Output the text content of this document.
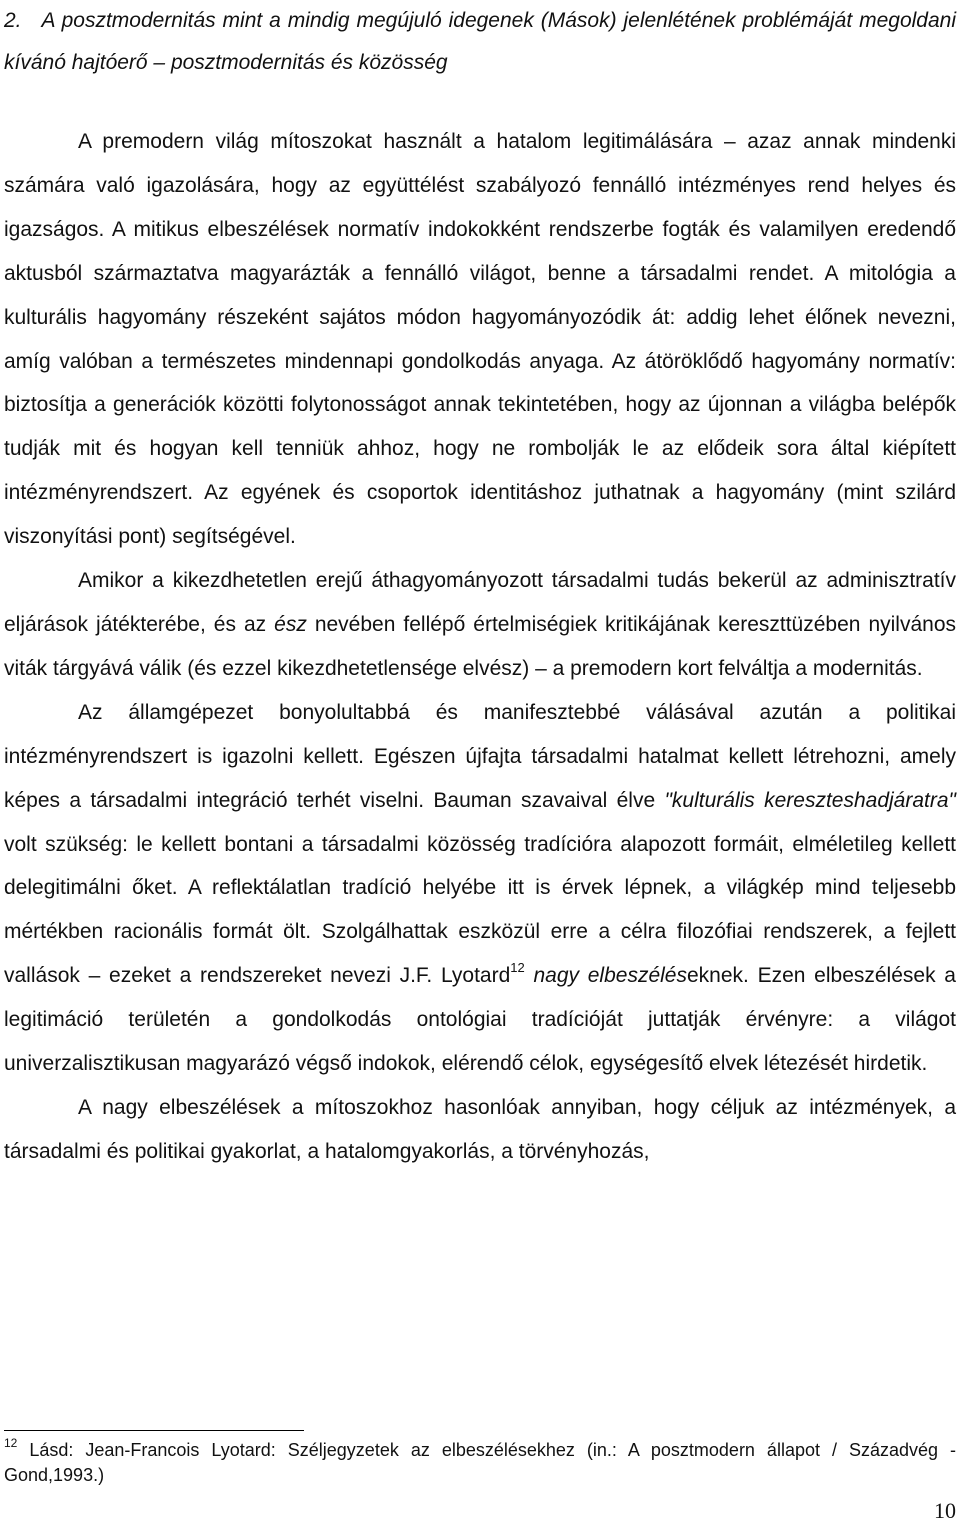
2. A posztmodernitás mint a mindig megújuló idegenek (Mások) jelenlétének problémáját megoldani kívánó hajtóerő – posztmodernitás és közösség

A premodern világ mítoszokat használt a hatalom legitimálására – azaz annak mindenki számára való igazolására, hogy az együttélést szabályozó fennálló intézményes rend helyes és igazságos. A mitikus elbeszélések normatív indokokként rendszerbe fogták és valamilyen eredendő aktusból származtatva magyarázták a fennálló világot, benne a társadalmi rendet. A mitológia a kulturális hagyomány részeként sajátos módon hagyományozódik át: addig lehet élőnek nevezni, amíg valóban a természetes mindennapi gondolkodás anyaga. Az átöröklődő hagyomány normatív: biztosítja a generációk közötti folytonosságot annak tekintetében, hogy az újonnan a világba belépők tudják mit és hogyan kell tenniük ahhoz, hogy ne rombolják le az elődeik sora által kiépített intézményrendszert. Az egyének és csoportok identitáshoz juthatnak a hagyomány (mint szilárd viszonyítási pont) segítségével.

Amikor a kikezdhetetlen erejű áthagyományozott társadalmi tudás bekerül az adminisztratív eljárások játékterébe, és az ész nevében fellépő értelmiségiek kritikájának kereszttüzében nyilvános viták tárgyává válik (és ezzel kikezdhetetlensége elvész) – a premodern kort felváltja a modernitás.

Az államgépezet bonyolultabbá és manifesztebbé válásával azután a politikai intézményrendszert is igazolni kellett. Egészen újfajta társadalmi hatalmat kellett létrehozni, amely képes a társadalmi integráció terhét viselni. Bauman szavaival élve "kulturális kereszteshadjáratra" volt szükség: le kellett bontani a társadalmi közösség tradícióra alapozott formáit, elméletileg kellett delegitimálni őket. A reflektálatlan tradíció helyébe itt is érvek lépnek, a világkép mind teljesebb mértékben racionális formát ölt. Szolgálhattak eszközül erre a célra filozófiai rendszerek, a fejlett vallások – ezeket a rendszereket nevezi J.F. Lyotard$^{12}$ nagy elbeszéléseknek. Ezen elbeszélések a legitimáció területén a gondolkodás ontológiai tradícióját juttatják érvényre: a világot univerzalisztikusan magyarázó végső indokok, elérendő célok, egységesítő elvek létezését hirdetik.

A nagy elbeszélések a mítoszokhoz hasonlóak annyiban, hogy céljuk az intézmények, a társadalmi és politikai gyakorlat, a hatalomgyakorlás, a törvényhozás,

$^{12}$ Lásd: Jean-Francois Lyotard: Széljegyzetek az elbeszélésekhez (in.: A posztmodern állapot / Századvég - Gond,1993.)

10
